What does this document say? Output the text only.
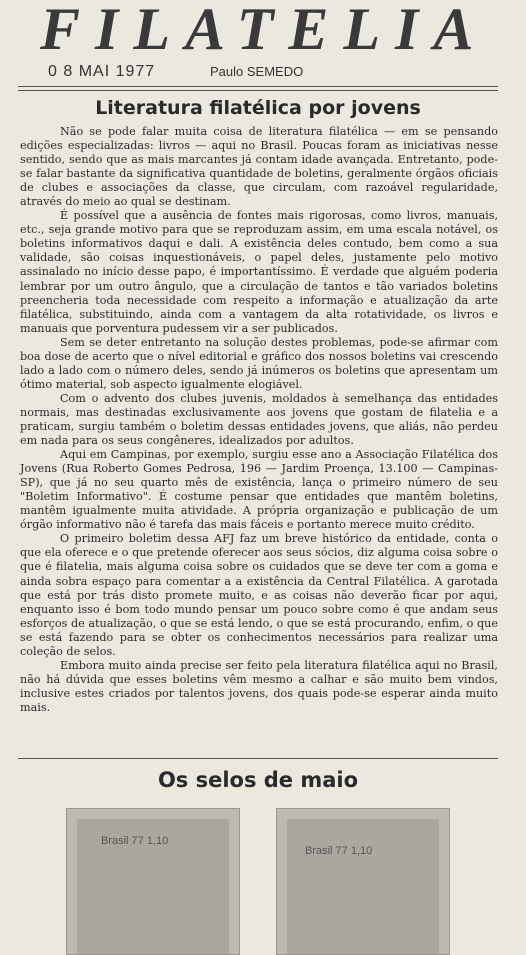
FILATELIA
0 8 MAI 1977	Paulo SEMEDO
Literatura filatélica por jovens

Não se pode falar muita coisa de literatura filatélica — em se pensando edições especializadas: livros — aqui no Brasil. Poucas foram as iniciativas nesse sentido, sendo que as mais marcantes já contam idade avançada. Entretanto, pode-se falar bastante da significativa quantidade de boletins, geralmente órgãos oficiais de clubes e associações da classe, que circulam, com razoável regularidade, através do meio ao qual se destinam.

É possível que a ausência de fontes mais rigorosas, como livros, manuais, etc., seja grande motivo para que se reproduzam assim, em uma escala notável, os boletins informativos daqui e dali. A existência deles contudo, bem como a sua validade, são coisas inquestionáveis, o papel deles, justamente pelo motivo assinalado no início desse papo, é importantíssimo. É verdade que alguém poderia lembrar por um outro ângulo, que a circulação de tantos e tão variados boletins preencheria toda necessidade com respeito a informação e atualização da arte filatélica, substituindo, ainda com a vantagem da alta rotatividade, os livros e manuais que porventura pudessem vir a ser publicados.

Sem se deter entretanto na solução destes problemas, pode-se afirmar com boa dose de acerto que o nível editorial e gráfico dos nossos boletins vai crescendo lado a lado com o número deles, sendo já inúmeros os boletins que apresentam um ótimo material, sob aspecto igualmente elogiável.

Com o advento dos clubes juvenis, moldados à semelhança das entidades normais, mas destinadas exclusivamente aos jovens que gostam de filatelia e a praticam, surgiu também o boletim dessas entidades jovens, que aliás, não perdeu em nada para os seus congêneres, idealizados por adultos.

Aqui em Campinas, por exemplo, surgiu esse ano a Associação Filatélica dos Jovens (Rua Roberto Gomes Pedrosa, 196 — Jardim Proença, 13.100 — Campinas-SP), que já no seu quarto mês de existência, lança o primeiro número de seu "Boletim Informativo". É costume pensar que entidades que mantêm boletins, mantêm igualmente muita atividade. A própria organização e publicação de um órgão informativo não é tarefa das mais fáceis e portanto merece muito crédito.

O primeiro boletim dessa AFJ faz um breve histórico da entidade, conta o que ela oferece e o que pretende oferecer aos seus sócios, diz alguma coisa sobre o que é filatelia, mais alguma coisa sobre os cuidados que se deve ter com a goma e ainda sobra espaço para comentar a a existência da Central Filatélica. A garotada que está por trás disto promete muito, e as coisas não deverão ficar por aqui, enquanto isso é bom todo mundo pensar um pouco sobre como é que andam seus esforços de atualização, o que se está lendo, o que se está procurando, enfim, o que se está fazendo para se obter os conhecimentos necessários para realizar uma coleção de selos.

Embora muito ainda precise ser feito pela literatura filatélica aqui no Brasil, não há dúvida que esses boletins vêm mesmo a calhar e são muito bem vindos, inclusive estes criados por talentos jovens, dos quais pode-se esperar ainda muito mais.

Os selos de maio
Brasil 77 1,10
Brasil 77 1,10
